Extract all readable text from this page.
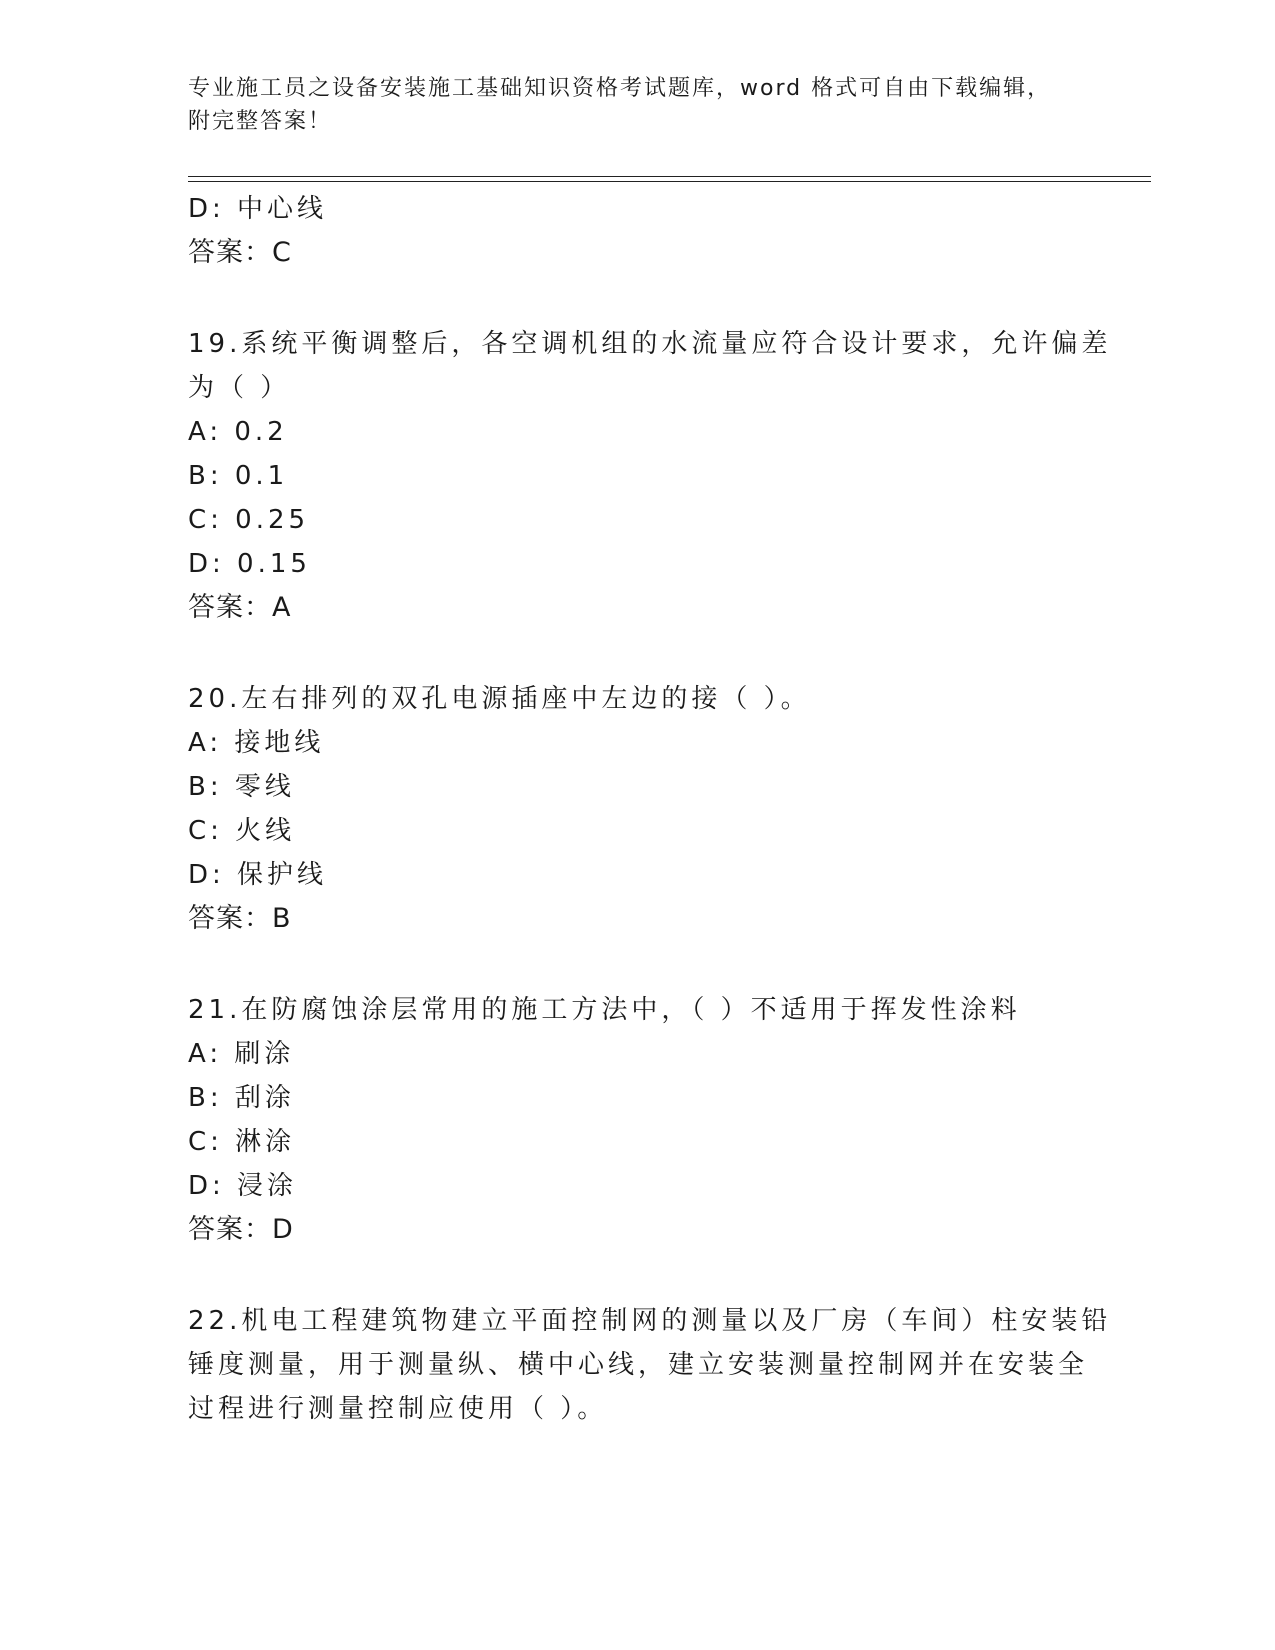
专业施工员之设备安装施工基础知识资格考试题库，word 格式可自由下载编辑，
附完整答案！
D: 中心线
答案：C
19.系统平衡调整后，各空调机组的水流量应符合设计要求，允许偏差
为（ ）
A: 0.2
B: 0.1
C: 0.25
D: 0.15
答案：A
20.左右排列的双孔电源插座中左边的接（ ）。
A: 接地线
B: 零线
C: 火线
D: 保护线
答案：B
21.在防腐蚀涂层常用的施工方法中，（ ）不适用于挥发性涂料
A: 刷涂
B: 刮涂
C: 淋涂
D: 浸涂
答案：D
22.机电工程建筑物建立平面控制网的测量以及厂房（车间）柱安装铅
锤度测量，用于测量纵、横中心线，建立安装测量控制网并在安装全
过程进行测量控制应使用（ ）。
